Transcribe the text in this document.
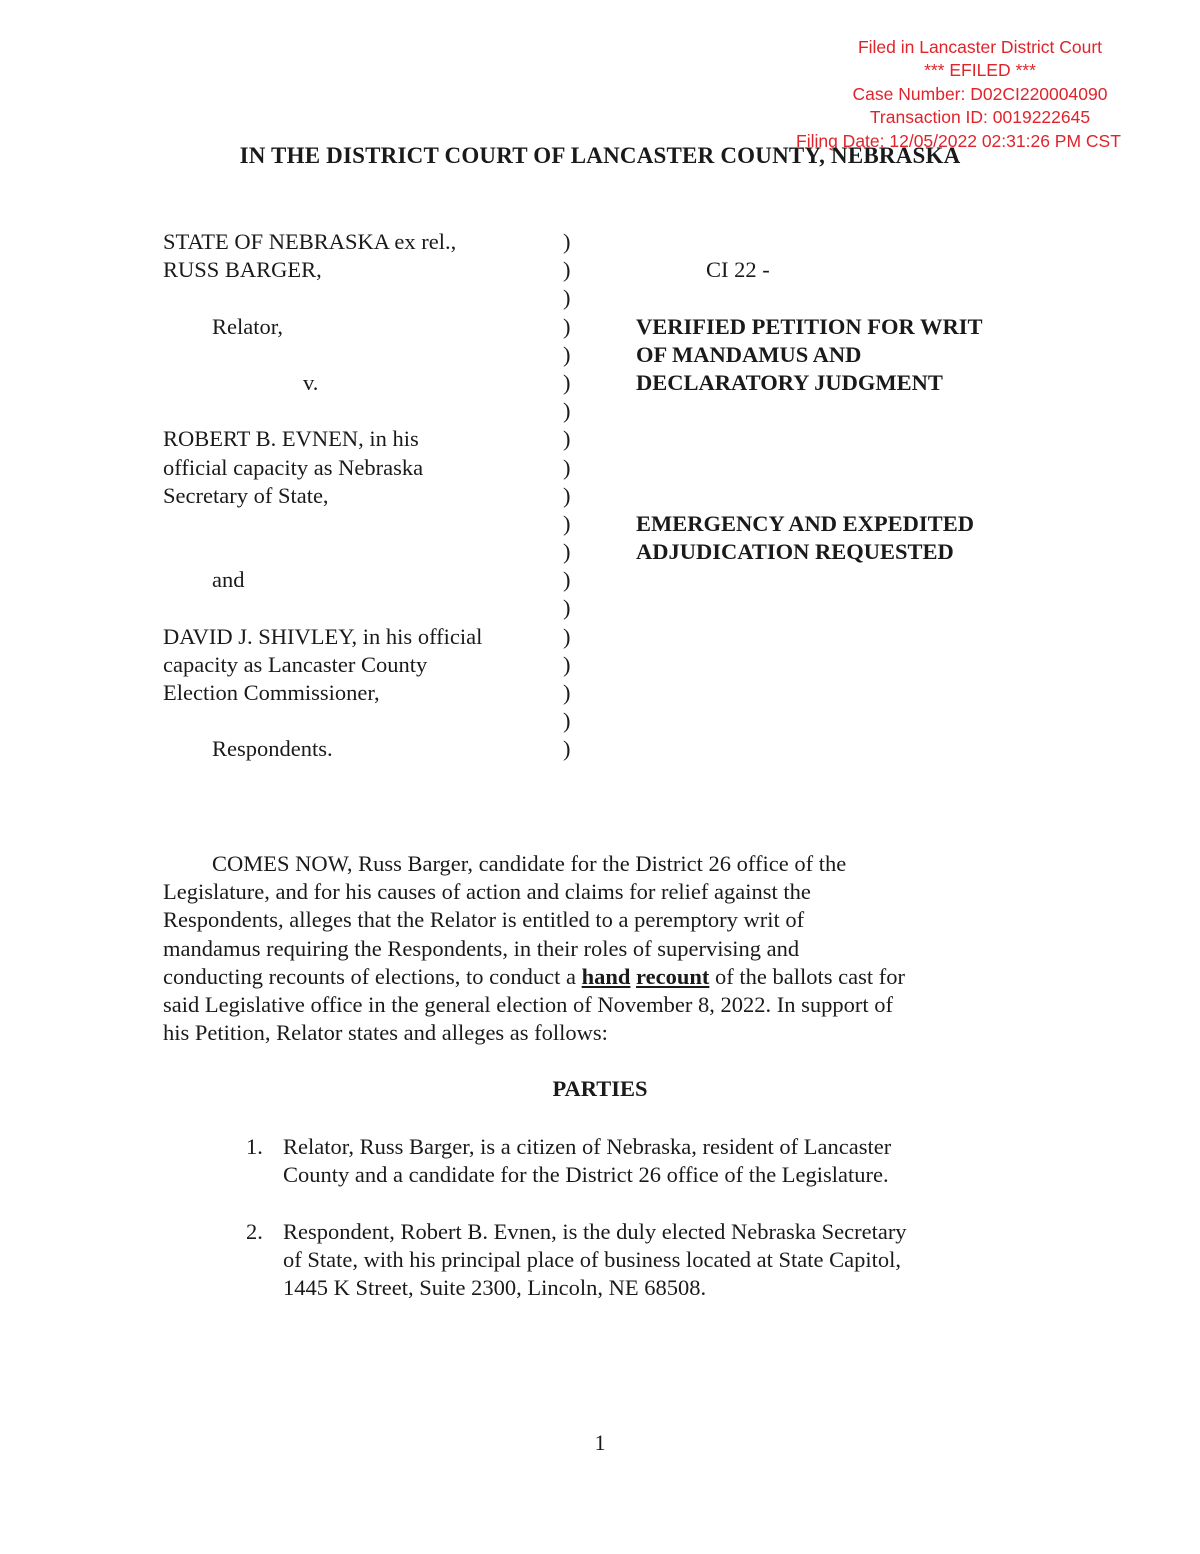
Filed in Lancaster District Court
*** EFILED ***
Case Number: D02CI220004090
Transaction ID: 0019222645
Filing Date: 12/05/2022 02:31:26 PM CST
IN THE DISTRICT COURT OF LANCASTER COUNTY, NEBRASKA
STATE OF NEBRASKA ex rel.,
RUSS BARGER,
Relator,
v.
ROBERT B. EVNEN, in his
official capacity as Nebraska
Secretary of State,
and
DAVID J. SHIVLEY, in his official
capacity as Lancaster County
Election Commissioner,
Respondents.
)
)
)
)
)
)
)
)
)
)
)
)
)
)
)
)
)
)
)
CI 22 -
VERIFIED PETITION FOR WRIT
OF MANDAMUS AND
DECLARATORY JUDGMENT
EMERGENCY AND EXPEDITED
ADJUDICATION REQUESTED
COMES NOW, Russ Barger, candidate for the District 26 office of the
Legislature, and for his causes of action and claims for relief against the
Respondents, alleges that the Relator is entitled to a peremptory writ of
mandamus requiring the Respondents, in their roles of supervising and
conducting recounts of elections, to conduct a hand recount of the ballots cast for
said Legislative office in the general election of November 8, 2022. In support of
his Petition, Relator states and alleges as follows:
PARTIES
1. Relator, Russ Barger, is a citizen of Nebraska, resident of Lancaster
County and a candidate for the District 26 office of the Legislature.
2. Respondent, Robert B. Evnen, is the duly elected Nebraska Secretary
of State, with his principal place of business located at State Capitol,
1445 K Street, Suite 2300, Lincoln, NE 68508.
1
